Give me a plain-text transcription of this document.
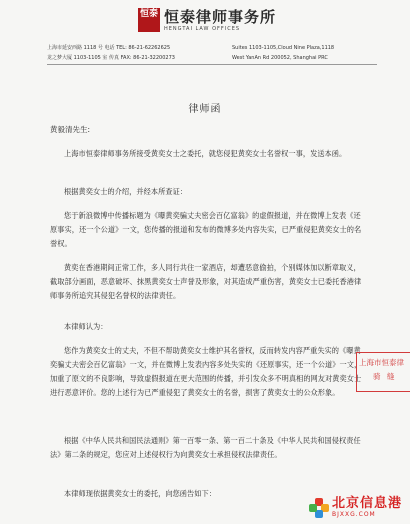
恒泰 恒泰律师事务所
HENGTAI LAW OFFICES
上海市延安西路 1118 号 电话 TEL: 86-21-62262625
龙之梦大厦 1103-1105 室 传真 FAX: 86-21-32200273
Suites 1103-1105,Cloud Nine Plaza,1118
West YanAn Rd 200052, Shanghai PRC
律师函
黄毅清先生:
上海市恒泰律师事务所接受黄奕女士之委托，就您侵犯黄奕女士名誉权一事，发送本函。
根据黄奕女士的介绍，并经本所查证：
您于新浪微博中传播标题为《曝黄奕骗丈夫密会百亿富翁》的虚假报道，并在微博上发表《还原事实，还一个公道》一文，您传播的报道和发布的微博多处内容失实，已严重侵犯黄奕女士的名誉权。
黄奕在香港期间正常工作，多人同行共住一家酒店，却遭恶意偷拍，个别媒体加以断章取义，截取部分画面，恶意破坏、抹黑黄奕女士声誉及形象，对其造成严重伤害，黄奕女士已委托香港律师事务所追究其侵犯名誉权的法律责任。
本律师认为：
您作为黄奕女士的丈夫，不但不帮助黄奕女士维护其名誉权，反而转发内容严重失实的《曝黄奕骗丈夫密会百亿富翁》一文，并在微博上发表内容多处失实的《还原事实，还一个公道》一文，加重了原文的不良影响，导致虚假报道在更大范围的传播，并引发众多不明真相的网友对黄奕女士进行恶意评价。您的上述行为已严重侵犯了黄奕女士的名誉，损害了黄奕女士的公众形象。
根据《中华人民共和国民法通则》第一百零一条、第一百二十条及《中华人民共和国侵权责任法》第二条的规定，您应对上述侵权行为向黄奕女士承担侵权法律责任。
本律师现依据黄奕女士的委托，向您函告如下：
上海市恒泰律
骑 缝
北京信息港
BJXXG.COM
